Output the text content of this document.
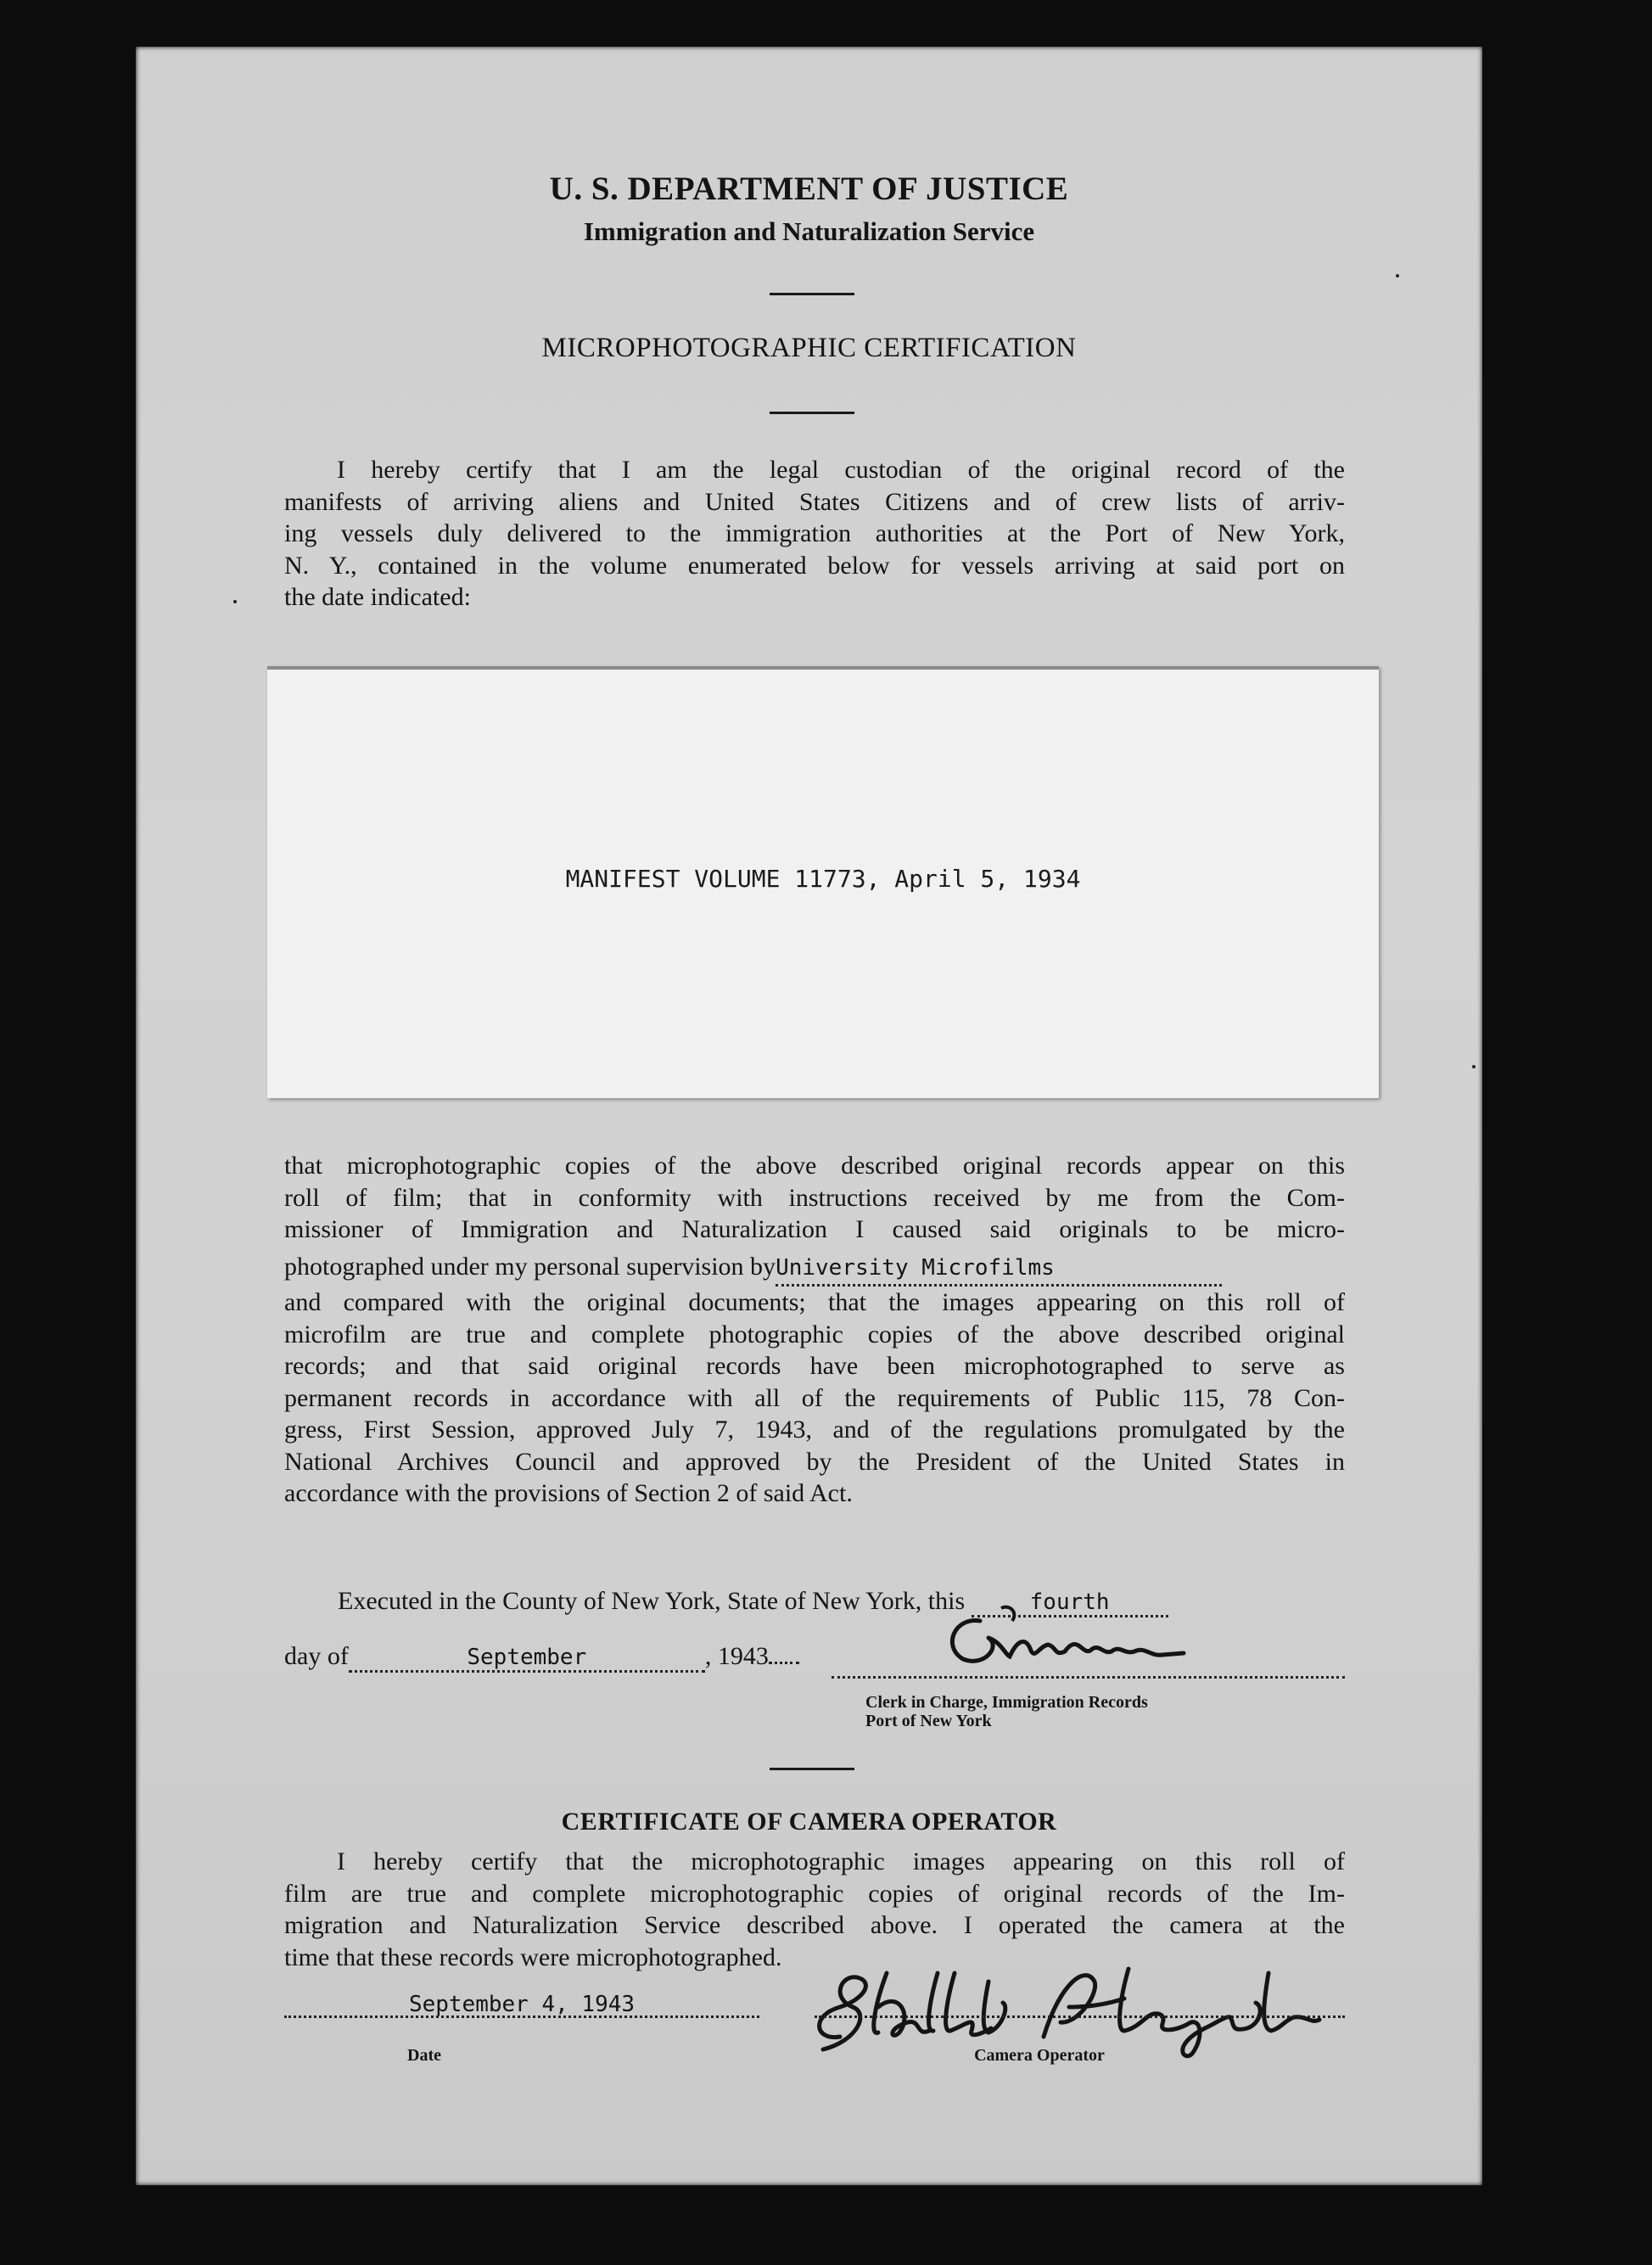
U. S. DEPARTMENT OF JUSTICE
Immigration and Naturalization Service
MICROPHOTOGRAPHIC CERTIFICATION
I hereby certify that I am the legal custodian of the original record of the
manifests of arriving aliens and United States Citizens and of crew lists of arriv-
ing vessels duly delivered to the immigration authorities at the Port of New York,
N. Y., contained in the volume enumerated below for vessels arriving at said port on
the date indicated:
MANIFEST VOLUME 11773, April 5, 1934
that microphotographic copies of the above described original records appear on this
roll of film; that in conformity with instructions received by me from the Com-
missioner of Immigration and Naturalization I caused said originals to be micro-
photographed under my personal supervision byUniversity Microfilms
and compared with the original documents; that the images appearing on this roll of
microfilm are true and complete photographic copies of the above described original
records; and that said original records have been microphotographed to serve as
permanent records in accordance with all of the requirements of Public 115, 78 Con-
gress, First Session, approved July 7, 1943, and of the regulations promulgated by the
National Archives Council and approved by the President of the United States in
accordance with the provisions of Section 2 of said Act.
Executed in the County of New York, State of New York, this	fourth
day of	September	, 1943
Clerk in Charge, Immigration Records
Port of New York
CERTIFICATE OF CAMERA OPERATOR
I hereby certify that the microphotographic images appearing on this roll of
film are true and complete microphotographic copies of original records of the Im-
migration and Naturalization Service described above. I operated the camera at the
time that these records were microphotographed.
September 4, 1943
Date	Camera Operator
